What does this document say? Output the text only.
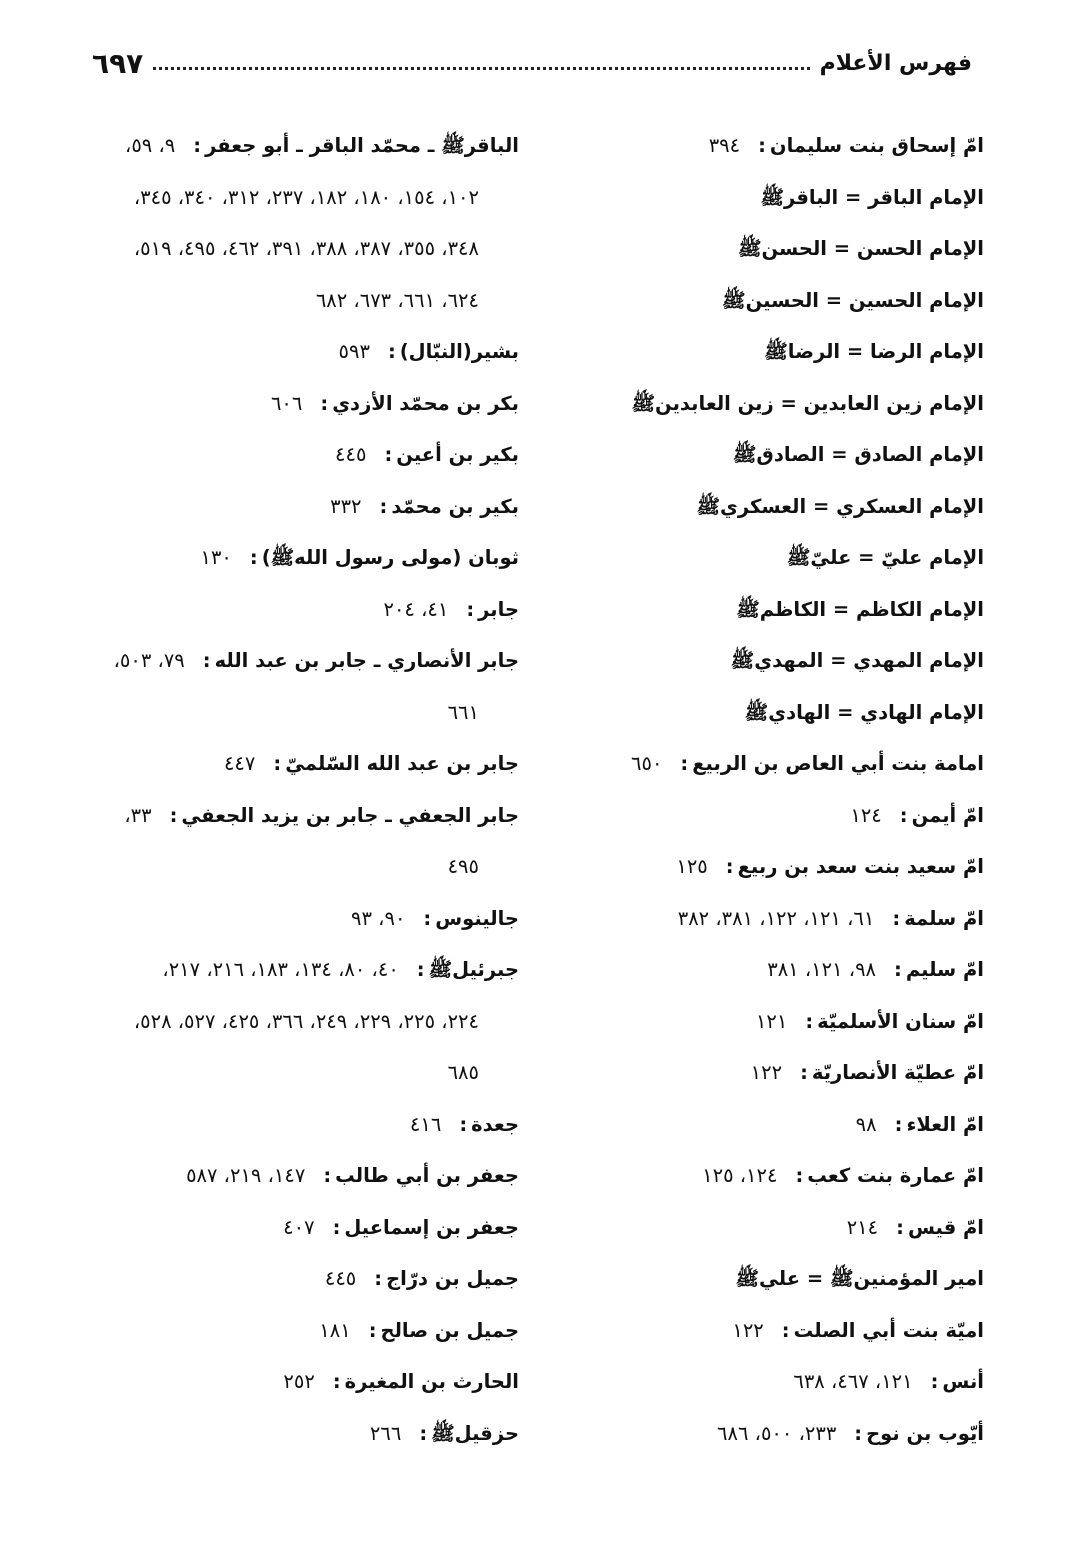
فهرس الأعلام
٦٩٧
امّ إسحاق بنت سليمان:٣٩٤
الإمام الباقر = الباقرﷺ
الإمام الحسن = الحسنﷺ
الإمام الحسين = الحسينﷺ
الإمام الرضا = الرضاﷺ
الإمام زين العابدين = زين العابدينﷺ
الإمام الصادق = الصادقﷺ
الإمام العسكري = العسكريﷺ
الإمام عليّ = عليّﷺ
الإمام الكاظم = الكاظمﷺ
الإمام المهدي = المهديﷺ
الإمام الهادي = الهاديﷺ
امامة بنت أبي العاص بن الربيع:٦٥٠
امّ أيمن:١٢٤
امّ سعيد بنت سعد بن ربيع:١٢٥
امّ سلمة:٦١، ١٢١، ١٢٢، ٣٨١، ٣٨٢
امّ سليم:٩٨، ١٢١، ٣٨١
امّ سنان الأسلميّة:١٢١
امّ عطيّة الأنصاريّة:١٢٢
امّ العلاء:٩٨
امّ عمارة بنت كعب:١٢٤، ١٢٥
امّ قيس:٢١٤
امير المؤمنينﷺ = عليﷺ
اميّة بنت أبي الصلت:١٢٢
أنس:١٢١، ٤٦٧، ٦٣٨
أيّوب بن نوح:٢٣٣، ٥٠٠، ٦٨٦
الباقرﷺ ـ محمّد الباقر ـ أبو جعفر:٩، ٥٩،
١٠٢، ١٥٤، ١٨٠، ١٨٢، ٢٣٧، ٣١٢، ٣٤٠، ٣٤٥،
٣٤٨، ٣٥٥، ٣٨٧، ٣٨٨، ٣٩١، ٤٦٢، ٤٩٥، ٥١٩،
٦٢٤، ٦٦١، ٦٧٣، ٦٨٢
بشير(النبّال):٥٩٣
بكر بن محمّد الأزدي:٦٠٦
بكير بن أعين:٤٤٥
بكير بن محمّد:٣٣٢
ثوبان (مولى رسول اللهﷺ):١٣٠
جابر:٤١، ٢٠٤
جابر الأنصاري ـ جابر بن عبد الله:٧٩، ٥٠٣،
٦٦١
جابر بن عبد الله السّلميّ:٤٤٧
جابر الجعفي ـ جابر بن يزيد الجعفي:٣٣،
٤٩٥
جالينوس:٩٠، ٩٣
جبرئيلﷺ:٤٠، ٨٠، ١٣٤، ١٨٣، ٢١٦، ٢١٧،
٢٢٤، ٢٢٥، ٢٢٩، ٢٤٩، ٣٦٦، ٤٢٥، ٥٢٧، ٥٢٨،
٦٨٥
جعدة:٤١٦
جعفر بن أبي طالب:١٤٧، ٢١٩، ٥٨٧
جعفر بن إسماعيل:٤٠٧
جميل بن درّاج:٤٤٥
جميل بن صالح:١٨١
الحارث بن المغيرة:٢٥٢
حزقيلﷺ:٢٦٦
